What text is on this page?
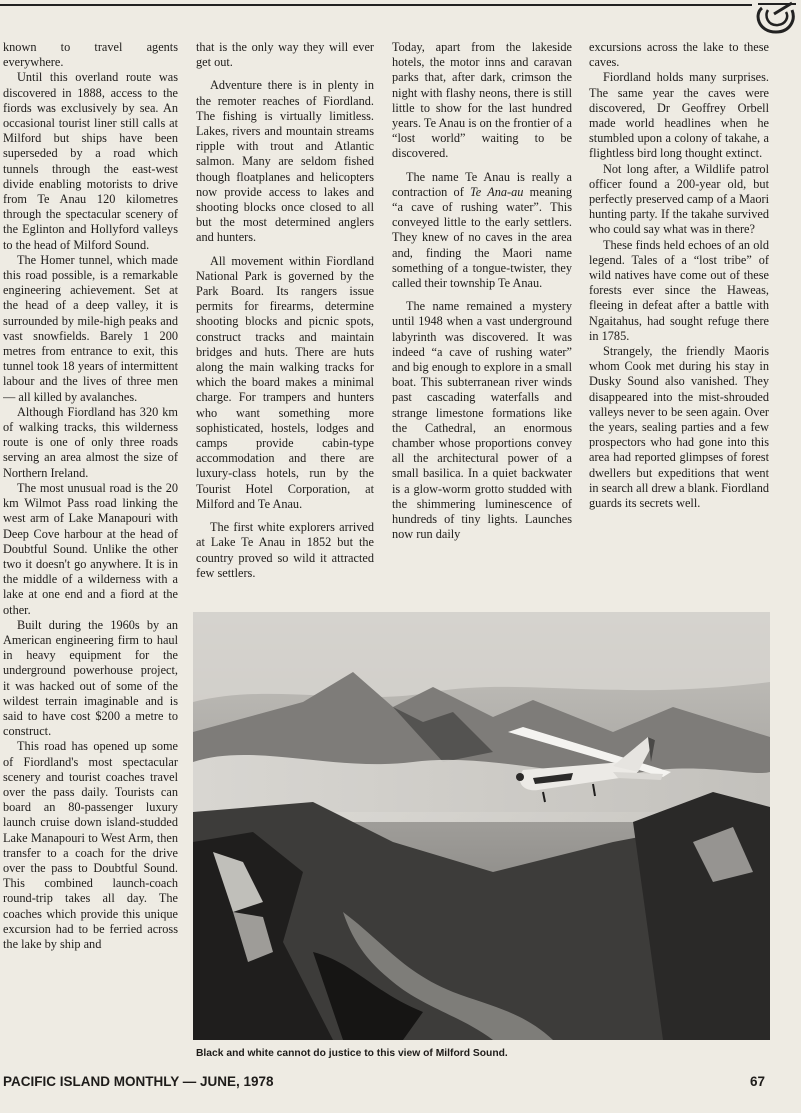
known to travel agents everywhere.

Until this overland route was discovered in 1888, access to the fiords was exclusively by sea. An occasional tourist liner still calls at Milford but ships have been superseded by a road which tunnels through the east-west divide enabling motorists to drive from Te Anau 120 kilometres through the spectacular scenery of the Eglinton and Hollyford valleys to the head of Milford Sound.

The Homer tunnel, which made this road possible, is a remarkable engineering achievement. Set at the head of a deep valley, it is surrounded by mile-high peaks and vast snowfields. Barely 1 200 metres from entrance to exit, this tunnel took 18 years of intermittent labour and the lives of three men — all killed by avalanches.

Although Fiordland has 320 km of walking tracks, this wilderness route is one of only three roads serving an area almost the size of Northern Ireland.

The most unusual road is the 20 km Wilmot Pass road linking the west arm of Lake Manapouri with Deep Cove harbour at the head of Doubtful Sound. Unlike the other two it doesn't go anywhere. It is in the middle of a wilderness with a lake at one end and a fiord at the other.

Built during the 1960s by an American engineering firm to haul in heavy equipment for the underground powerhouse project, it was hacked out of some of the wildest terrain imaginable and is said to have cost $200 a metre to construct.

This road has opened up some of Fiordland's most spectacular scenery and tourist coaches travel over the pass daily. Tourists can board an 80-passenger luxury launch cruise down island-studded Lake Manapouri to West Arm, then transfer to a coach for the drive over the pass to Doubtful Sound. This combined launch-coach round-trip takes all day. The coaches which provide this unique excursion had to be ferried across the lake by ship and

that is the only way they will ever get out.

Adventure there is in plenty in the remoter reaches of Fiordland. The fishing is virtually limitless. Lakes, rivers and mountain streams ripple with trout and Atlantic salmon. Many are seldom fished though floatplanes and helicopters now provide access to lakes and shooting blocks once closed to all but the most determined anglers and hunters.

All movement within Fiordland National Park is governed by the Park Board. Its rangers issue permits for firearms, determine shooting blocks and picnic spots, construct tracks and maintain bridges and huts. There are huts along the main walking tracks for which the board makes a minimal charge. For trampers and hunters who want something more sophisticated, hostels, lodges and camps provide cabin-type accommodation and there are luxury-class hotels, run by the Tourist Hotel Corporation, at Milford and Te Anau.

The first white explorers arrived at Lake Te Anau in 1852 but the country proved so wild it attracted few settlers.

Today, apart from the lakeside hotels, the motor inns and caravan parks that, after dark, crimson the night with flashy neons, there is still little to show for the last hundred years. Te Anau is on the frontier of a “lost world” waiting to be discovered.

The name Te Anau is really a contraction of Te Ana-au meaning “a cave of rushing water”. This conveyed little to the early settlers. They knew of no caves in the area and, finding the Maori name something of a tongue-twister, they called their township Te Anau.

The name remained a mystery until 1948 when a vast underground labyrinth was discovered. It was indeed “a cave of rushing water” and big enough to explore in a small boat. This subterranean river winds past cascading waterfalls and strange limestone formations like the Cathedral, an enormous chamber whose proportions convey all the architectural power of a small basilica. In a quiet backwater is a glow-worm grotto studded with the shimmering luminescence of hundreds of tiny lights. Launches now run daily

excursions across the lake to these caves.

Fiordland holds many surprises. The same year the caves were discovered, Dr Geoffrey Orbell made world headlines when he stumbled upon a colony of takahe, a flightless bird long thought extinct.

Not long after, a Wildlife patrol officer found a 200-year old, but perfectly preserved camp of a Maori hunting party. If the takahe survived who could say what was in there?

These finds held echoes of an old legend. Tales of a “lost tribe” of wild natives have come out of these forests ever since the Haweas, fleeing in defeat after a battle with Ngaitahus, had sought refuge there in 1785.

Strangely, the friendly Maoris whom Cook met during his stay in Dusky Sound also vanished. They disappeared into the mist-shrouded valleys never to be seen again. Over the years, sealing parties and a few prospectors who had gone into this area had reported glimpses of forest dwellers but expeditions that went in search all drew a blank. Fiordland guards its secrets well.

Black and white cannot do justice to this view of Milford Sound.
PACIFIC ISLAND MONTHLY — JUNE, 1978	67
